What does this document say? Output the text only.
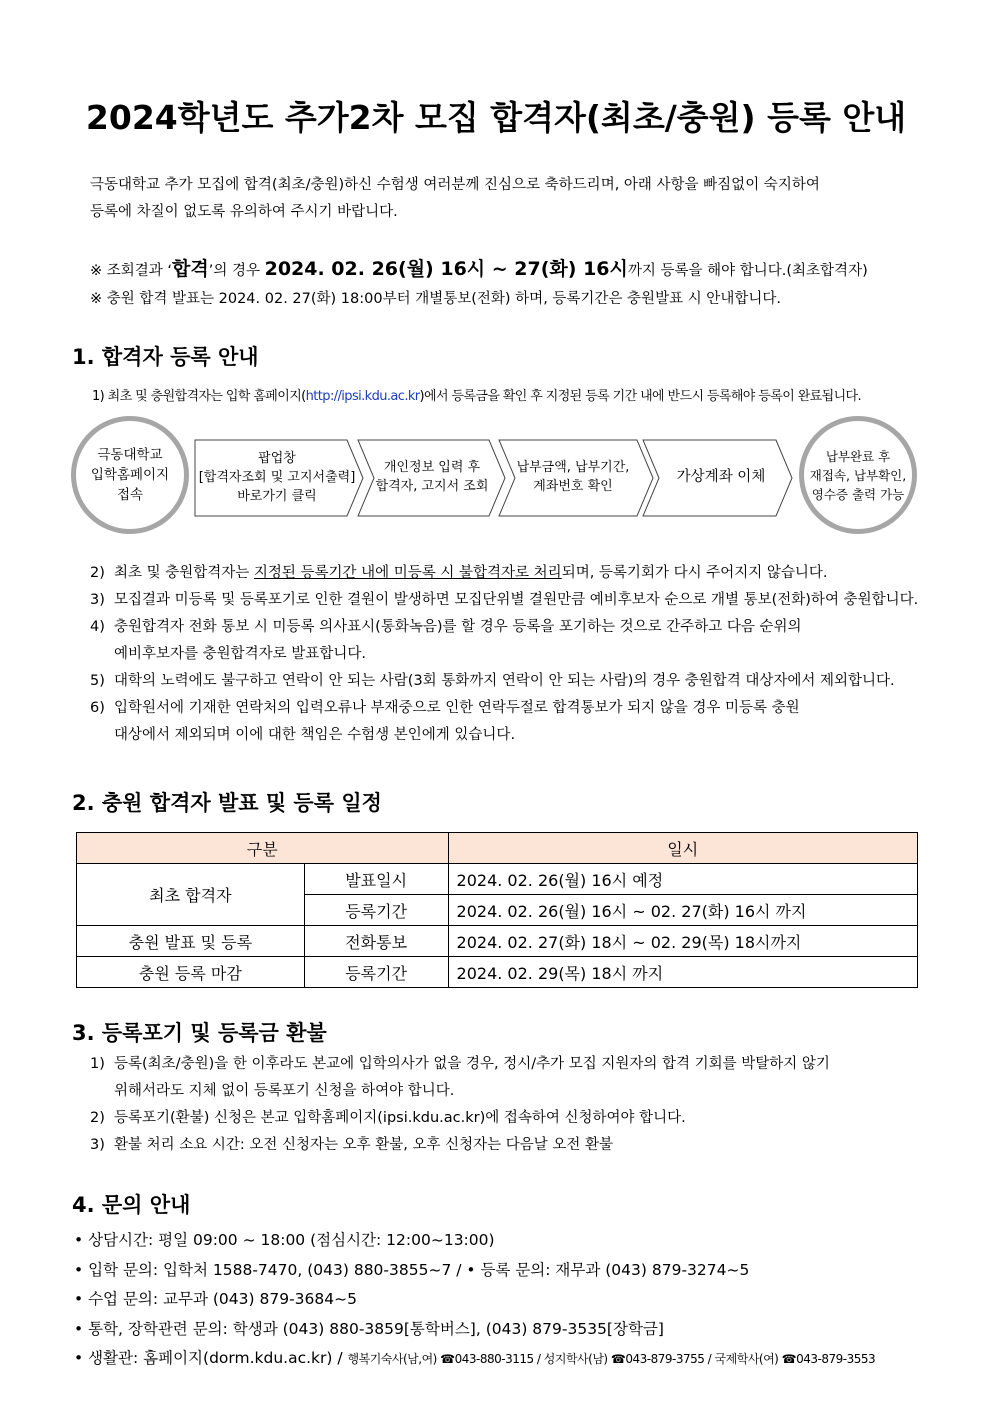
2024학년도 추가2차 모집 합격자(최초/충원) 등록 안내
극동대학교 추가 모집에 합격(최초/충원)하신 수험생 여러분께 진심으로 축하드리며, 아래 사항을 빠짐없이 숙지하여
등록에 차질이 없도록 유의하여 주시기 바랍니다.
※ 조회결과 ‘합격’의 경우 2024. 02. 26(월) 16시 ~ 27(화) 16시까지 등록을 해야 합니다.(최초합격자)
※ 충원 합격 발표는 2024. 02. 27(화) 18:00부터 개별통보(전화) 하며, 등록기간은 충원발표 시 안내합니다.
1. 합격자 등록 안내
1) 최초 및 충원합격자는 입학 홈페이지(http://ipsi.kdu.ac.kr)에서 등록금을 확인 후 지정된 등록 기간 내에 반드시 등록해야 등록이 완료됩니다.
극동대학교
입학홈페이지
접속
팝업창
[합격자조회 및 고지서출력]
바로가기 클릭
개인정보 입력 후
합격자, 고지서 조회
납부금액, 납부기간,
계좌번호 확인
가상계좌 이체
납부완료 후
재접속, 납부확인,
영수증 출력 가능
2) 최초 및 충원합격자는 지정된 등록기간 내에 미등록 시 불합격자로 처리되며, 등록기회가 다시 주어지지 않습니다.
3) 모집결과 미등록 및 등록포기로 인한 결원이 발생하면 모집단위별 결원만큼 예비후보자 순으로 개별 통보(전화)하여 충원합니다.
4) 충원합격자 전화 통보 시 미등록 의사표시(통화녹음)를 할 경우 등록을 포기하는 것으로 간주하고 다음 순위의
예비후보자를 충원합격자로 발표합니다.
5) 대학의 노력에도 불구하고 연락이 안 되는 사람(3회 통화까지 연락이 안 되는 사람)의 경우 충원합격 대상자에서 제외합니다.
6) 입학원서에 기재한 연락처의 입력오류나 부재중으로 인한 연락두절로 합격통보가 되지 않을 경우 미등록 충원
대상에서 제외되며 이에 대한 책임은 수험생 본인에게 있습니다.
2. 충원 합격자 발표 및 등록 일정
구분		일시
최초 합격자	발표일시	2024. 02. 26(월) 16시 예정
	등록기간	2024. 02. 26(월) 16시 ~ 02. 27(화) 16시 까지
충원 발표 및 등록	전화통보	2024. 02. 27(화) 18시 ~ 02. 29(목) 18시까지
충원 등록 마감	등록기간	2024. 02. 29(목) 18시 까지
3. 등록포기 및 등록금 환불
1) 등록(최초/충원)을 한 이후라도 본교에 입학의사가 없을 경우, 정시/추가 모집 지원자의 합격 기회를 박탈하지 않기
위해서라도 지체 없이 등록포기 신청을 하여야 합니다.
2) 등록포기(환불) 신청은 본교 입학홈페이지(ipsi.kdu.ac.kr)에 접속하여 신청하여야 합니다.
3) 환불 처리 소요 시간: 오전 신청자는 오후 환불, 오후 신청자는 다음날 오전 환불
4. 문의 안내
• 상담시간: 평일 09:00 ~ 18:00 (점심시간: 12:00~13:00)
• 입학 문의: 입학처 1588-7470, (043) 880-3855~7 / • 등록 문의: 재무과 (043) 879-3274~5
• 수업 문의: 교무과 (043) 879-3684~5
• 통학, 장학관련 문의: 학생과 (043) 880-3859[통학버스], (043) 879-3535[장학금]
• 생활관: 홈페이지(dorm.kdu.ac.kr) / 행복기숙사(남,여) ☎043-880-3115 / 성지학사(남) ☎043-879-3755 / 국제학사(여) ☎043-879-3553
